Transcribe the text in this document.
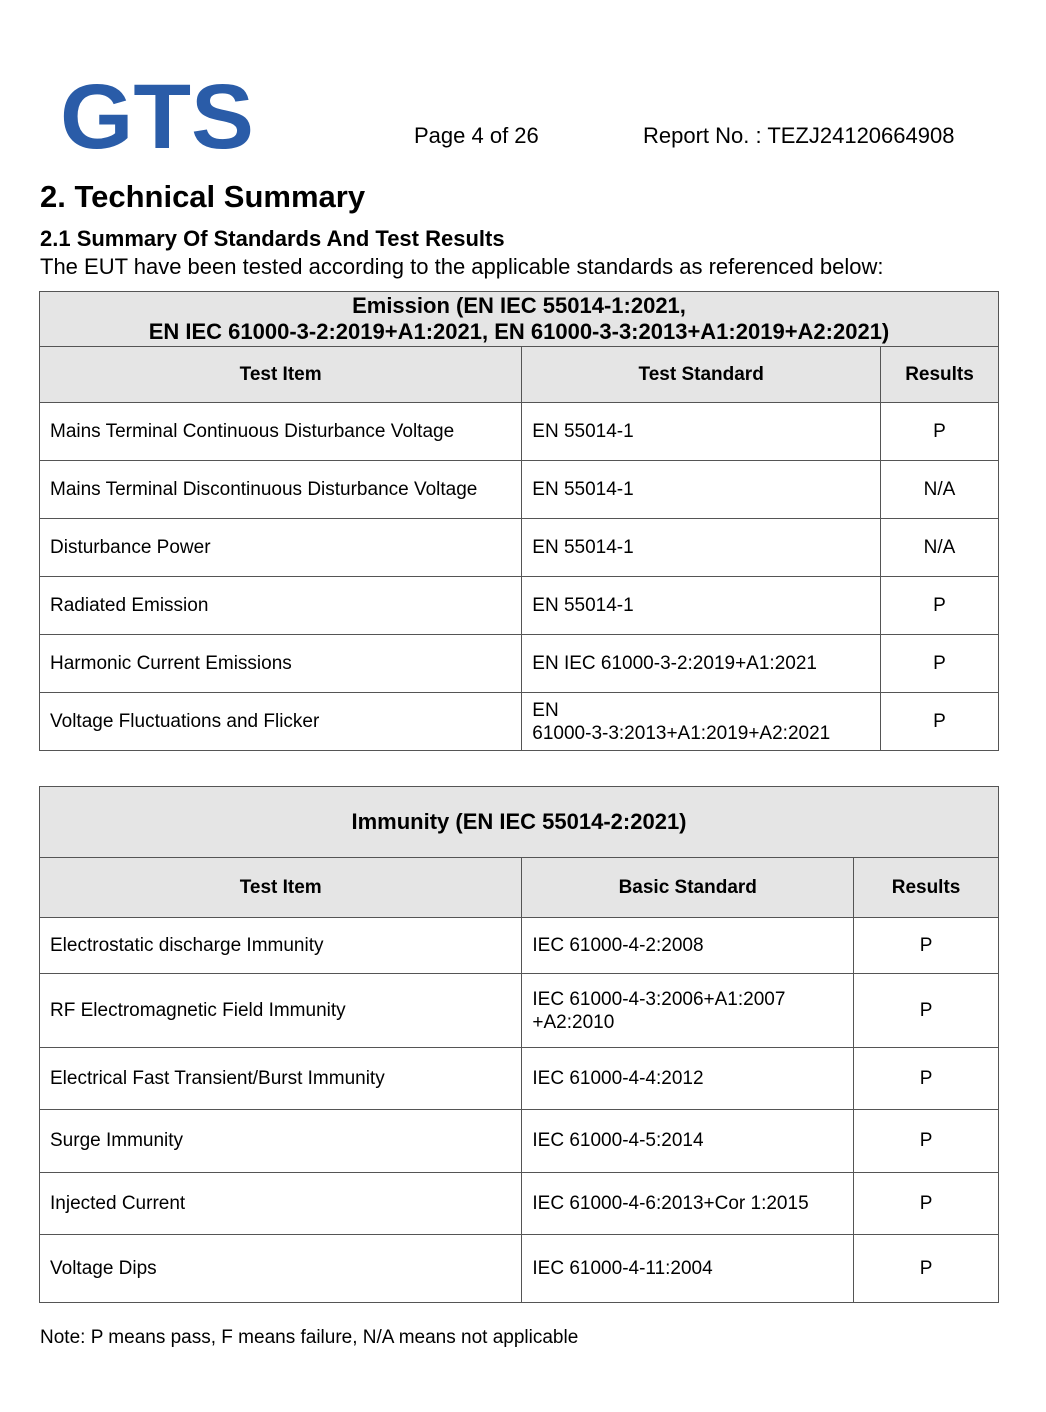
GTS	Page 4 of 26	Report No. : TEZJ24120664908
2. Technical Summary
2.1 Summary Of Standards And Test Results

The EUT have been tested according to the applicable standards as referenced below:

Emission (EN IEC 55014-1:2021,
EN IEC 61000-3-2:2019+A1:2021, EN 61000-3-3:2013+A1:2019+A2:2021)		

Test Item	Test Standard	Results
Mains Terminal Continuous Disturbance Voltage	EN 55014-1	P
Mains Terminal Discontinuous Disturbance Voltage	EN 55014-1	N/A
Disturbance Power	EN 55014-1	N/A
Radiated Emission	EN 55014-1	P
Harmonic Current Emissions	EN IEC 61000-3-2:2019+A1:2021	P
Voltage Fluctuations and Flicker	EN
61000-3-3:2013+A1:2019+A2:2021	P
Immunity (EN IEC 55014-2:2021)		
Test Item	Basic Standard	Results
Electrostatic discharge Immunity	IEC 61000-4-2:2008	P
RF Electromagnetic Field Immunity	IEC 61000-4-3:2006+A1:2007
+A2:2010	P
Electrical Fast Transient/Burst Immunity	IEC 61000-4-4:2012	P
Surge Immunity	IEC 61000-4-5:2014	P
Injected Current	IEC 61000-4-6:2013+Cor 1:2015	P
Voltage Dips	IEC 61000-4-11:2004	P

Note: P means pass, F means failure, N/A means not applicable
